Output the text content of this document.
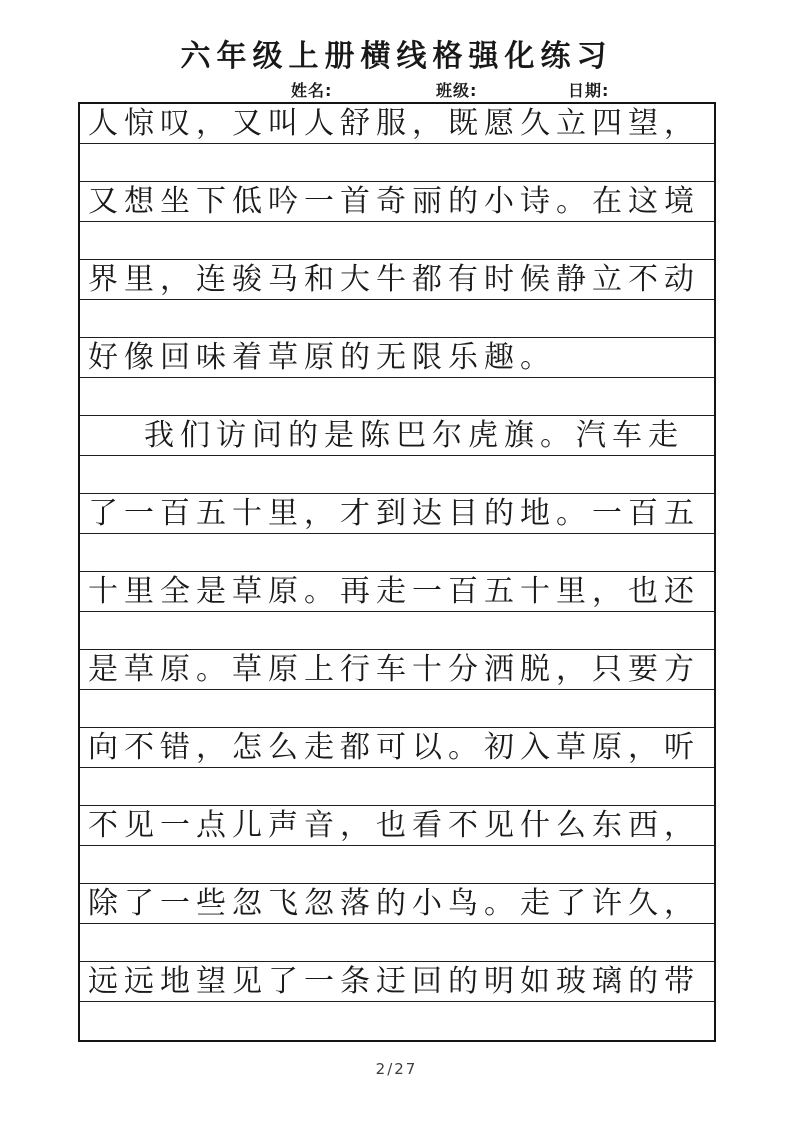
六年级上册横线格强化练习
姓名:	班级:	日期:
人惊叹，又叫人舒服，既愿久立四望，
又想坐下低吟一首奇丽的小诗。在这境
界里，连骏马和大牛都有时候静立不动
好像回味着草原的无限乐趣。
我们访问的是陈巴尔虎旗。汽车走
了一百五十里，才到达目的地。一百五
十里全是草原。再走一百五十里，也还
是草原。草原上行车十分洒脱，只要方
向不错，怎么走都可以。初入草原，听
不见一点儿声音，也看不见什么东西，
除了一些忽飞忽落的小鸟。走了许久，
远远地望见了一条迂回的明如玻璃的带
2/27
